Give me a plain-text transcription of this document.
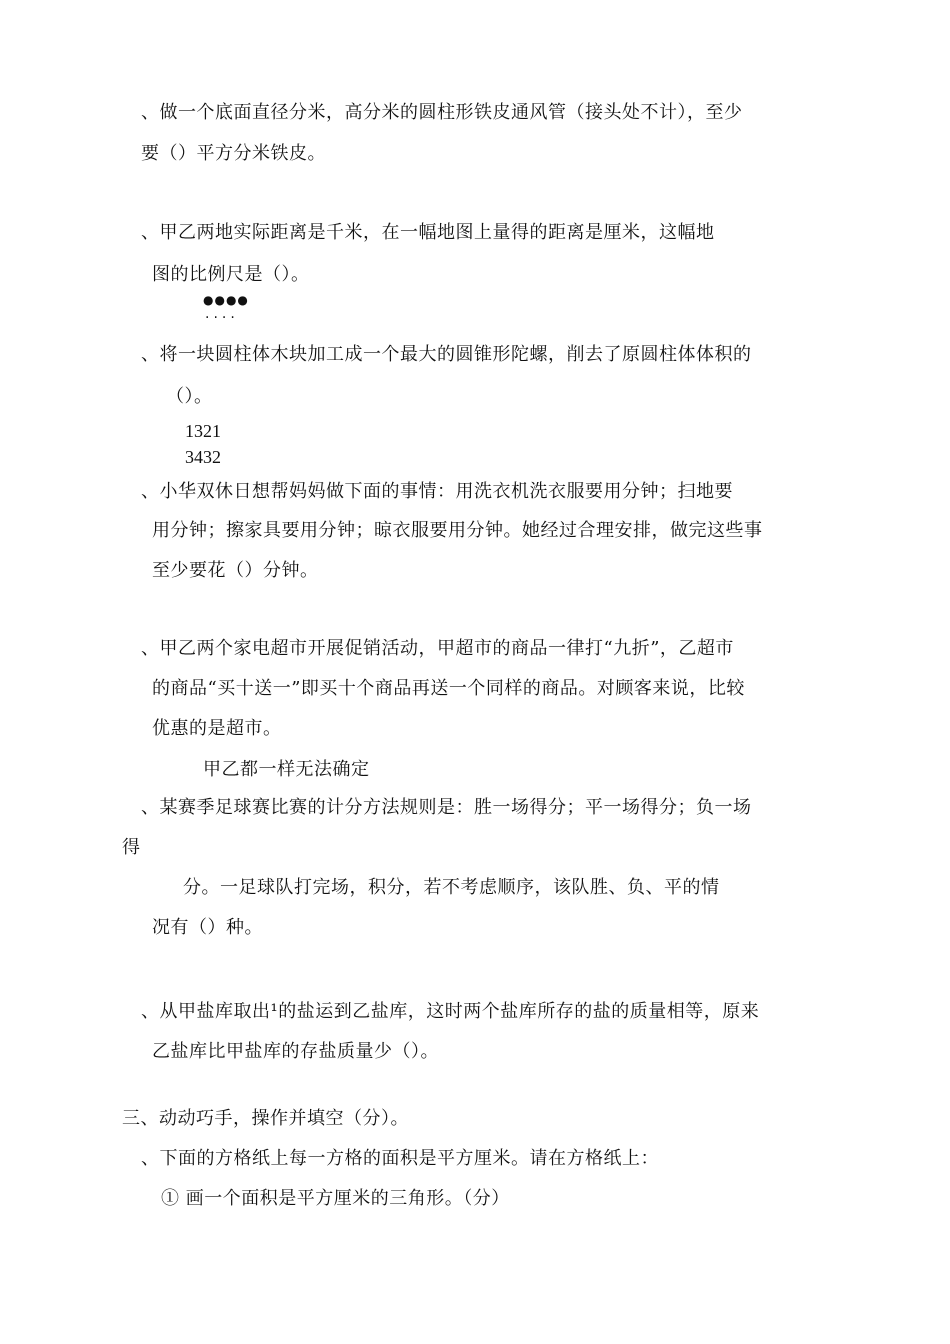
、做一个底面直径分米，高分米的圆柱形铁皮通风管（接头处不计），至少
要（）平方分米铁皮。
、甲乙两地实际距离是千米，在一幅地图上量得的距离是厘米，这幅地
图的比例尺是（）。
●●●●
····
、将一块圆柱体木块加工成一个最大的圆锥形陀螺，削去了原圆柱体体积的
（）。
1321
3432
、小华双休日想帮妈妈做下面的事情：用洗衣机洗衣服要用分钟；扫地要
用分钟；擦家具要用分钟；晾衣服要用分钟。她经过合理安排，做完这些事
至少要花（）分钟。
、甲乙两个家电超市开展促销活动，甲超市的商品一律打“九折”，乙超市
的商品“买十送一”即买十个商品再送一个同样的商品。对顾客来说，比较
优惠的是超市。
甲乙都一样无法确定
、某赛季足球赛比赛的计分方法规则是：胜一场得分；平一场得分；负一场
得
分。一足球队打完场，积分，若不考虑顺序，该队胜、负、平的情
况有（）种。
、从甲盐库取出¹的盐运到乙盐库，这时两个盐库所存的盐的质量相等，原来
乙盐库比甲盐库的存盐质量少（）。
三、动动巧手，操作并填空（分）。
、下面的方格纸上每一方格的面积是平方厘米。请在方格纸上：
① 画一个面积是平方厘米的三角形。（分）
